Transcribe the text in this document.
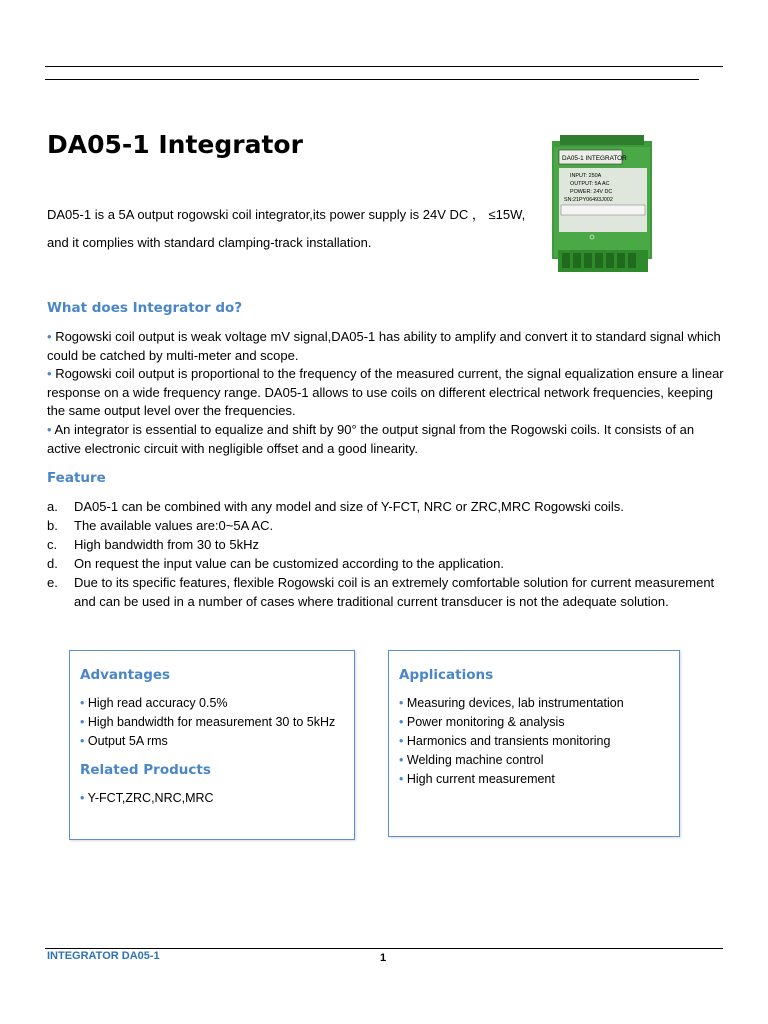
DA05-1 Integrator
DA05-1 is a 5A output rogowski coil integrator,its power supply is 24V DC ， ≤15W,
and it complies with standard clamping-track installation.
DA05-1 INTEGRATOR
INPUT: 250A
OUTPUT: 5A AC
POWER: 24V DC
SN:21PY06493J002
What does Integrator do?
• Rogowski coil output is weak voltage mV signal,DA05-1 has ability to amplify and convert it to standard signal which could be catched by multi-meter and scope.
• Rogowski coil output is proportional to the frequency of the measured current, the signal equalization ensure a linear response on a wide frequency range. DA05-1 allows to use coils on different electrical network frequencies, keeping the same output level over the frequencies.
• An integrator is essential to equalize and shift by 90° the output signal from the Rogowski coils. It consists of an active electronic circuit with negligible offset and a good linearity.
Feature
a.	DA05-1 can be combined with any model and size of Y-FCT, NRC or ZRC,MRC Rogowski coils.
b.	The available values are:0~5A AC.
c.	High bandwidth from 30 to 5kHz
d.	On request the input value can be customized according to the application.
e.	Due to its specific features, flexible Rogowski coil is an extremely comfortable solution for current measurement and can be used in a number of cases where traditional current transducer is not the adequate solution.
Advantages
• High read accuracy 0.5%
• High bandwidth for measurement 30 to 5kHz
• Output 5A rms
Related Products
• Y-FCT,ZRC,NRC,MRC
Applications
• Measuring devices, lab instrumentation
• Power monitoring & analysis
• Harmonics and transients monitoring
• Welding machine control
• High current measurement
INTEGRATOR DA05-1	1
